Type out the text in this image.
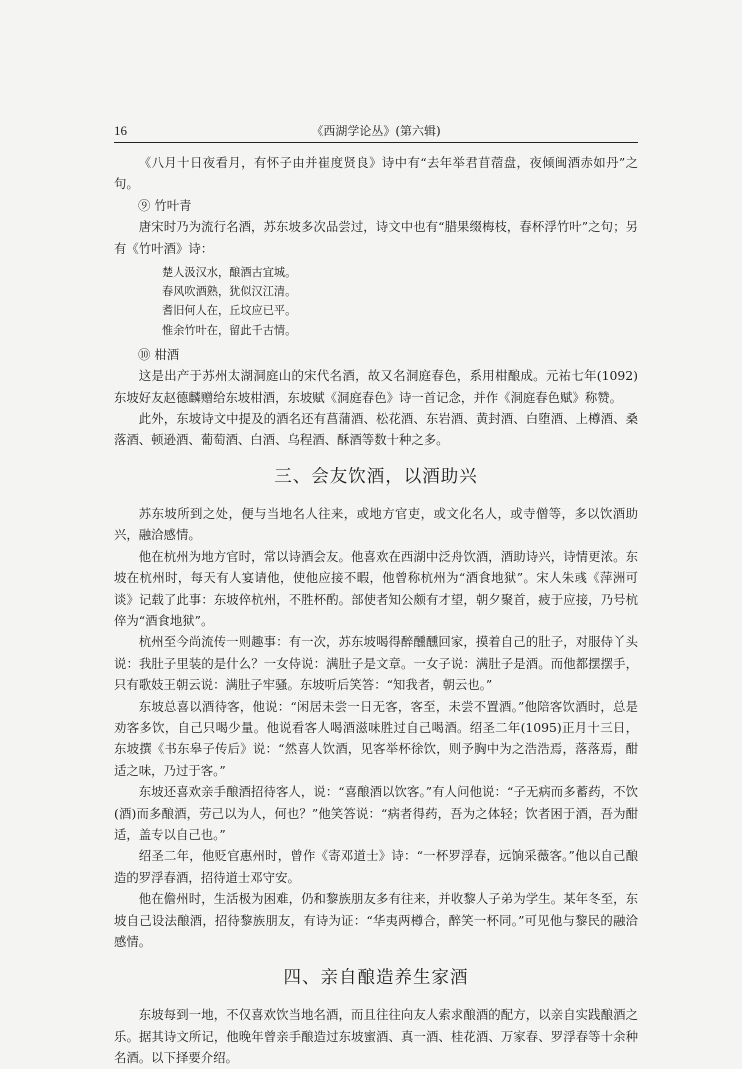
16	《西湖学论丛》(第六辑)

《八月十日夜看月，有怀子由并崔度贤良》诗中有“去年举君苜蓿盘，夜倾闽酒赤如丹”之句。

⑨ 竹叶青

唐宋时乃为流行名酒，苏东坡多次品尝过，诗文中也有“腊果缀梅枝，春杯浮竹叶”之句；另有《竹叶酒》诗：

楚人汲汉水，酿酒古宜城。
春风吹酒熟，犹似汉江清。
耆旧何人在，丘坟应已平。
惟余竹叶在，留此千古情。
⑩ 柑酒

这是出产于苏州太湖洞庭山的宋代名酒，故又名洞庭春色，系用柑酿成。元祐七年(1092)东坡好友赵德麟赠给东坡柑酒，东坡赋《洞庭春色》诗一首记念，并作《洞庭春色赋》称赞。

此外，东坡诗文中提及的酒名还有菖蒲酒、松花酒、东岩酒、黄封酒、白堕酒、上樽酒、桑落酒、顿逊酒、葡萄酒、白酒、乌程酒、酥酒等数十种之多。

三、会友饮酒，以酒助兴

苏东坡所到之处，便与当地名人往来，或地方官吏，或文化名人，或寺僧等，多以饮酒助兴，融洽感情。

他在杭州为地方官时，常以诗酒会友。他喜欢在西湖中泛舟饮酒，酒助诗兴，诗情更浓。东坡在杭州时，每天有人宴请他，使他应接不暇，他曾称杭州为“酒食地狱”。宋人朱彧《萍洲可谈》记载了此事：东坡倅杭州，不胜杯酌。部使者知公颇有才望，朝夕聚首，疲于应接，乃号杭倅为“酒食地狱”。

杭州至今尚流传一则趣事：有一次，苏东坡喝得醉醺醺回家，摸着自己的肚子，对服侍丫头说：我肚子里装的是什么？一女侍说：满肚子是文章。一女子说：满肚子是酒。而他都摆摆手，只有歌妓王朝云说：满肚子牢骚。东坡听后笑答：“知我者，朝云也。”

东坡总喜以酒待客，他说：“闲居未尝一日无客，客至，未尝不置酒。”他陪客饮酒时，总是劝客多饮，自己只喝少量。他说看客人喝酒滋味胜过自己喝酒。绍圣二年(1095)正月十三日，东坡撰《书东皋子传后》说：“然喜人饮酒，见客举杯徐饮，则予胸中为之浩浩焉，落落焉，酣适之味，乃过于客。”

东坡还喜欢亲手酿酒招待客人，说：“喜酿酒以饮客。”有人问他说：“子无病而多蓄药，不饮(酒)而多酿酒，劳己以为人，何也？”他笑答说：“病者得药，吾为之体轻；饮者困于酒，吾为酣适，盖专以自己也。”

绍圣二年，他贬官惠州时，曾作《寄邓道士》诗：“一杯罗浮春，远饷采薇客。”他以自己酿造的罗浮春酒，招待道士邓守安。

他在儋州时，生活极为困难，仍和黎族朋友多有往来，并收黎人子弟为学生。某年冬至，东坡自己设法酿酒，招待黎族朋友，有诗为证：“华夷两樽合，醉笑一杯同。”可见他与黎民的融洽感情。

四、亲自酿造养生家酒

东坡每到一地，不仅喜欢饮当地名酒，而且往往向友人索求酿酒的配方，以亲自实践酿酒之乐。据其诗文所记，他晚年曾亲手酿造过东坡蜜酒、真一酒、桂花酒、万家春、罗浮春等十余种名酒。以下择要介绍。
